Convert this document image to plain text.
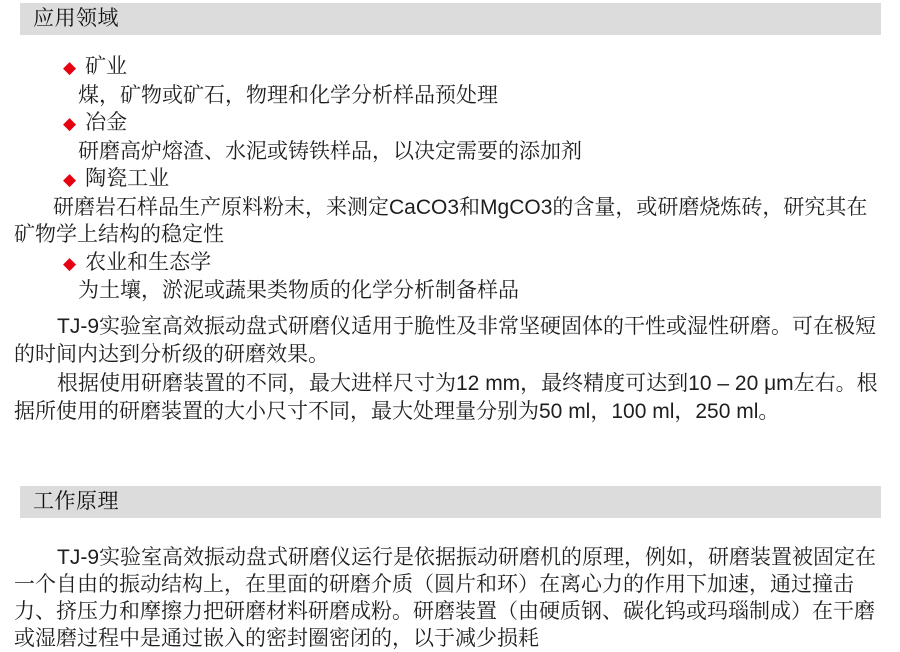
应用领域
◆ 矿业
煤，矿物或矿石，物理和化学分析样品预处理
◆ 冶金
研磨高炉熔渣、水泥或铸铁样品，以决定需要的添加剂
◆ 陶瓷工业
研磨岩石样品生产原料粉末，来测定CaCO3和MgCO3的含量，或研磨烧炼砖，研究其在矿物学上结构的稳定性
◆ 农业和生态学
为土壤，淤泥或蔬果类物质的化学分析制备样品

TJ-9实验室高效振动盘式研磨仪适用于脆性及非常坚硬固体的干性或湿性研磨。可在极短的时间内达到分析级的研磨效果。

根据使用研磨装置的不同，最大进样尺寸为12 mm，最终精度可达到10 – 20 μm左右。根据所使用的研磨装置的大小尺寸不同，最大处理量分别为50 ml，100 ml，250 ml。

工作原理

TJ-9实验室高效振动盘式研磨仪运行是依据振动研磨机的原理，例如，研磨装置被固定在一个自由的振动结构上，在里面的研磨介质（圆片和环）在离心力的作用下加速，通过撞击力、挤压力和摩擦力把研磨材料研磨成粉。研磨装置（由硬质钢、碳化钨或玛瑙制成）在干磨或湿磨过程中是通过嵌入的密封圈密闭的，以于减少损耗
